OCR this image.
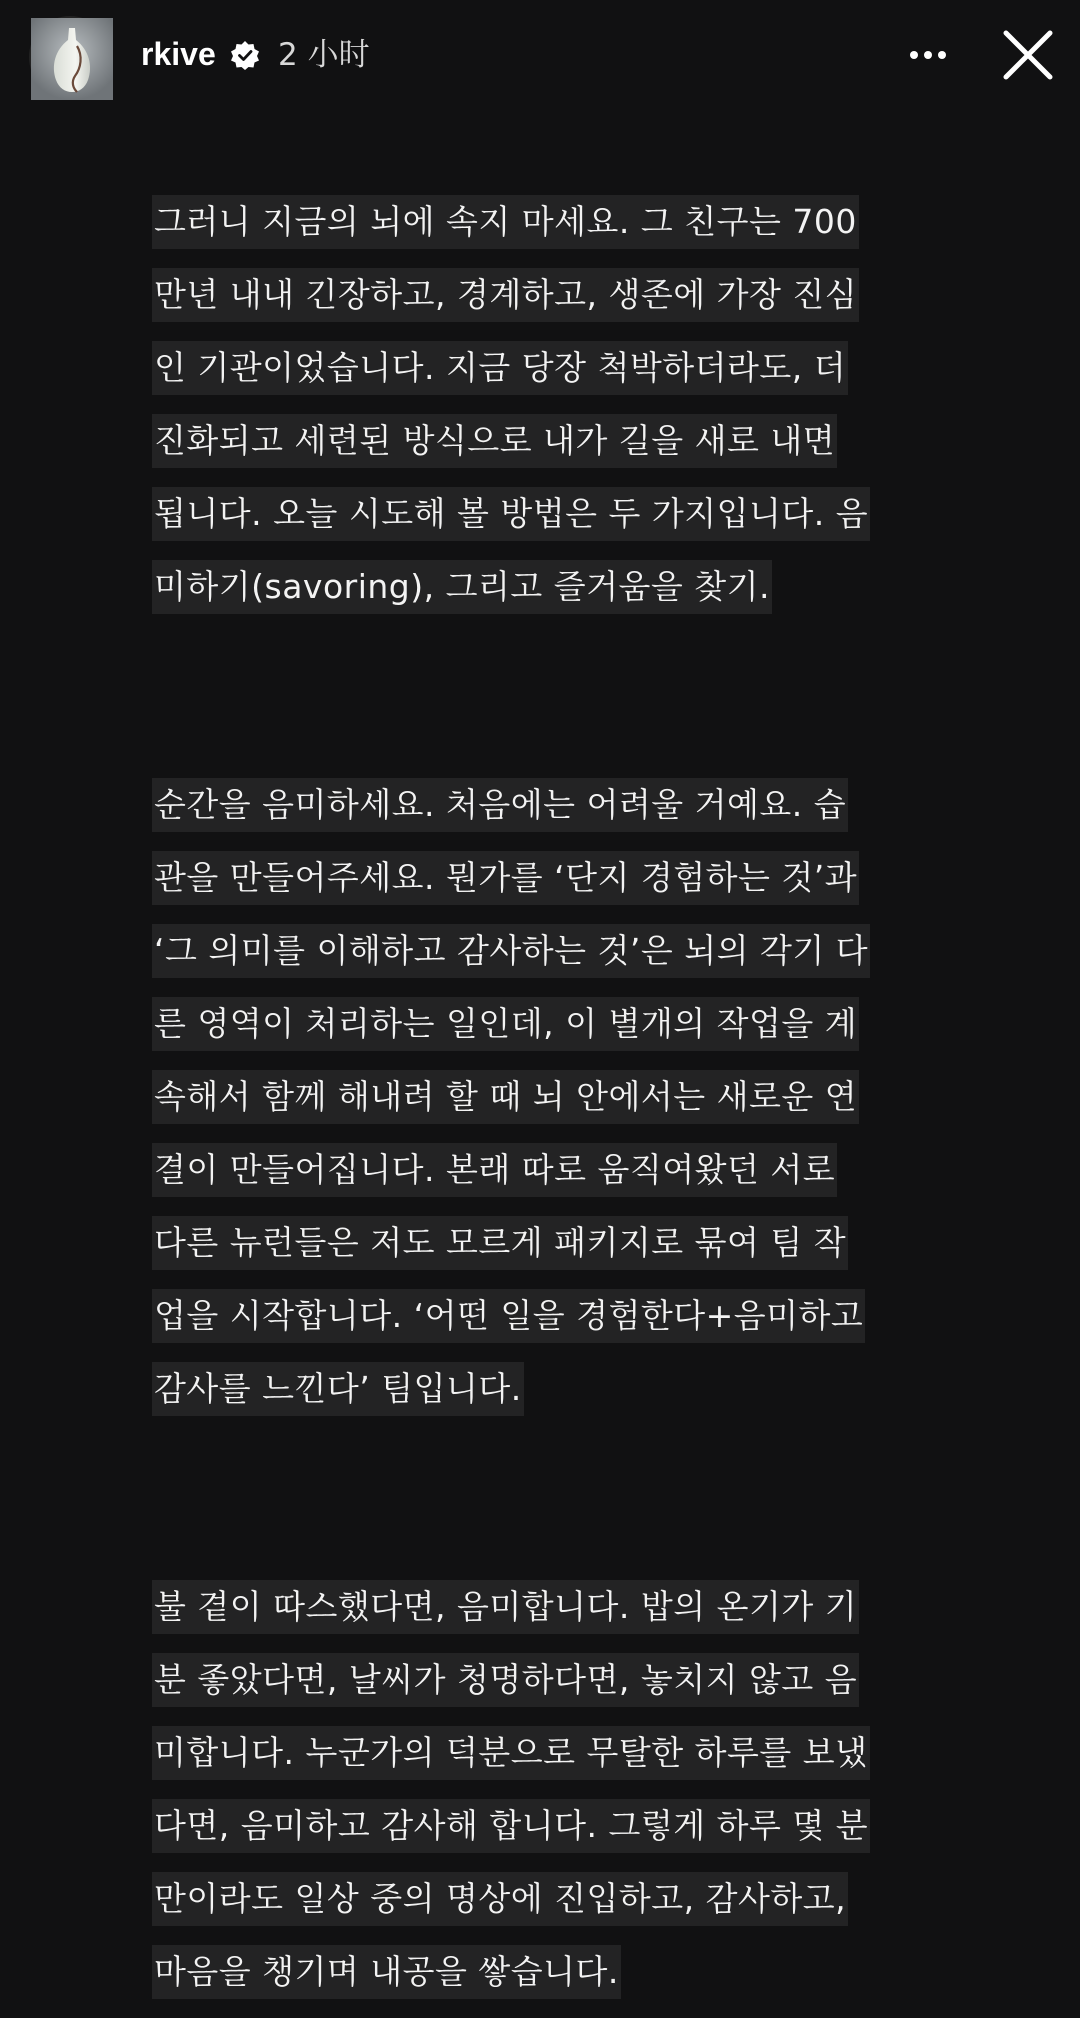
rkive 2 小时
그러니 지금의 뇌에 속지 마세요. 그 친구는 700
만년 내내 긴장하고, 경계하고, 생존에 가장 진심
인 기관이었습니다. 지금 당장 척박하더라도, 더
진화되고 세련된 방식으로 내가 길을 새로 내면
됩니다. 오늘 시도해 볼 방법은 두 가지입니다. 음
미하기(savoring), 그리고 즐거움을 찾기.
순간을 음미하세요. 처음에는 어려울 거예요. 습
관을 만들어주세요. 뭔가를 ‘단지 경험하는 것’과
‘그 의미를 이해하고 감사하는 것’은 뇌의 각기 다
른 영역이 처리하는 일인데, 이 별개의 작업을 계
속해서 함께 해내려 할 때 뇌 안에서는 새로운 연
결이 만들어집니다. 본래 따로 움직여왔던 서로
다른 뉴런들은 저도 모르게 패키지로 묶여 팀 작
업을 시작합니다. ‘어떤 일을 경험한다+음미하고
감사를 느낀다’ 팀입니다.
불 곁이 따스했다면, 음미합니다. 밥의 온기가 기
분 좋았다면, 날씨가 청명하다면, 놓치지 않고 음
미합니다. 누군가의 덕분으로 무탈한 하루를 보냈
다면, 음미하고 감사해 합니다. 그렇게 하루 몇 분
만이라도 일상 중의 명상에 진입하고, 감사하고,
마음을 챙기며 내공을 쌓습니다.
